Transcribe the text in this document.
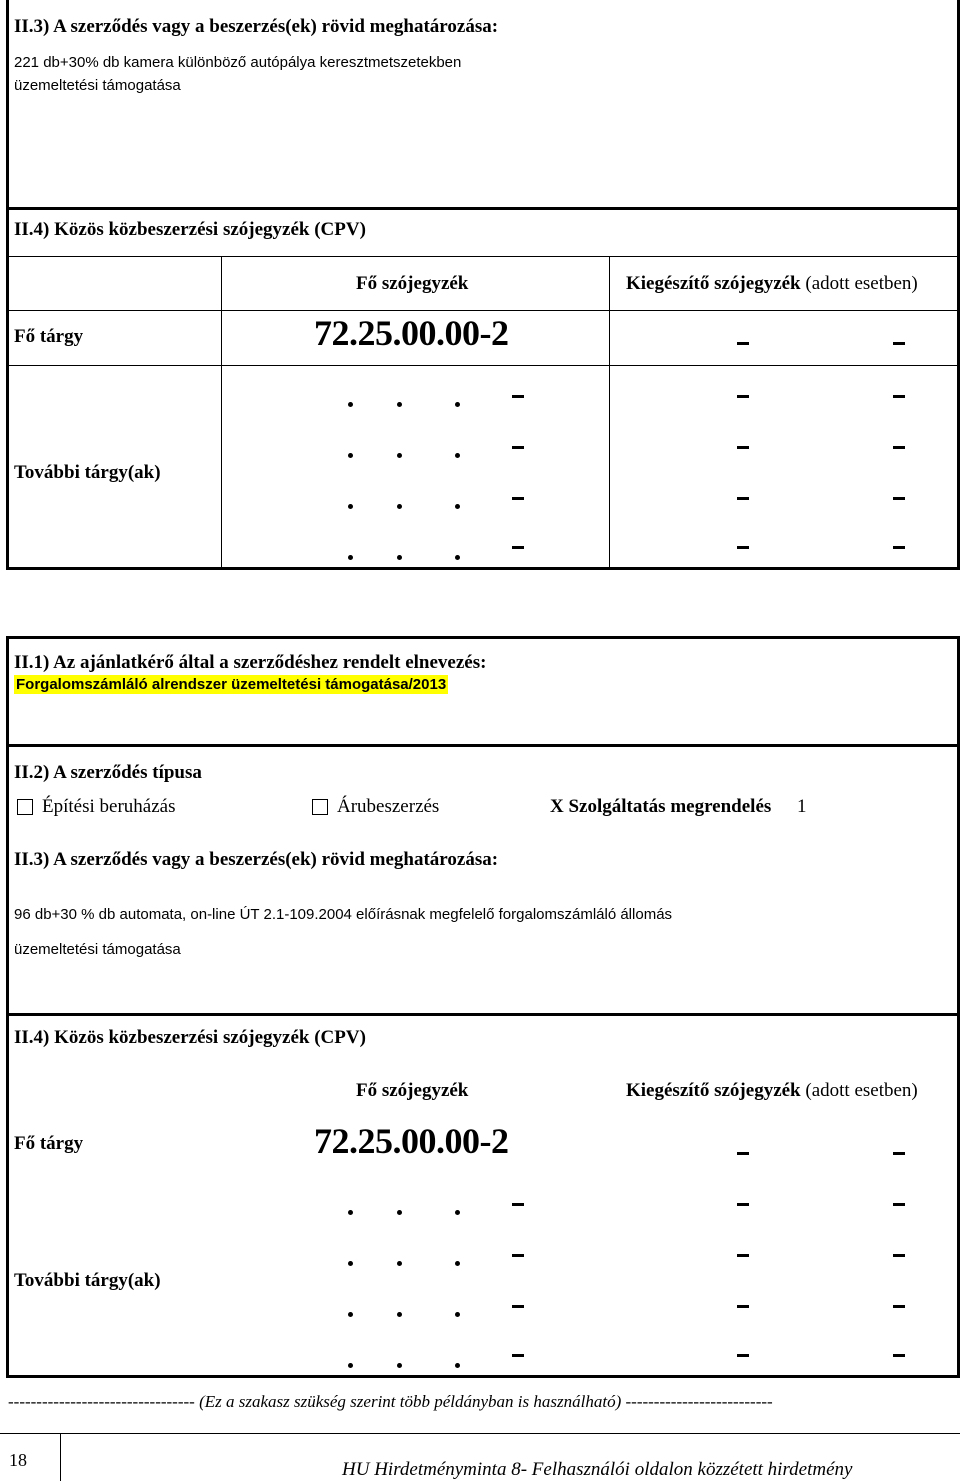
II.3) A szerződés vagy a beszerzés(ek) rövid meghatározása:
221 db+30% db kamera különböző autópálya keresztmetszetekben
üzemeltetési támogatása
II.4) Közös közbeszerzési szójegyzék (CPV)
Fő szójegyzék	Kiegészítő szójegyzék (adott esetben)
Fő tárgy	72.25.00.00-2
További tárgy(ak)
II.1) Az ajánlatkérő által a szerződéshez rendelt elnevezés:
Forgalomszámláló alrendszer üzemeltetési támogatása/2013
II.2) A szerződés típusa
Építési beruházás	Árubeszerzés	X Szolgáltatás megrendelés 1
II.3) A szerződés vagy a beszerzés(ek) rövid meghatározása:
96 db+30 % db automata, on-line ÚT 2.1-109.2004 előírásnak megfelelő forgalomszámláló állomás
üzemeltetési támogatása
II.4) Közös közbeszerzési szójegyzék (CPV)
Fő szójegyzék	Kiegészítő szójegyzék (adott esetben)
Fő tárgy	72.25.00.00-2
További tárgy(ak)
--------------------------------- (Ez a szakasz szükség szerint több példányban is használható) --------------------------
18	HU Hirdetményminta 8- Felhasználói oldalon közzétett hirdetmény
